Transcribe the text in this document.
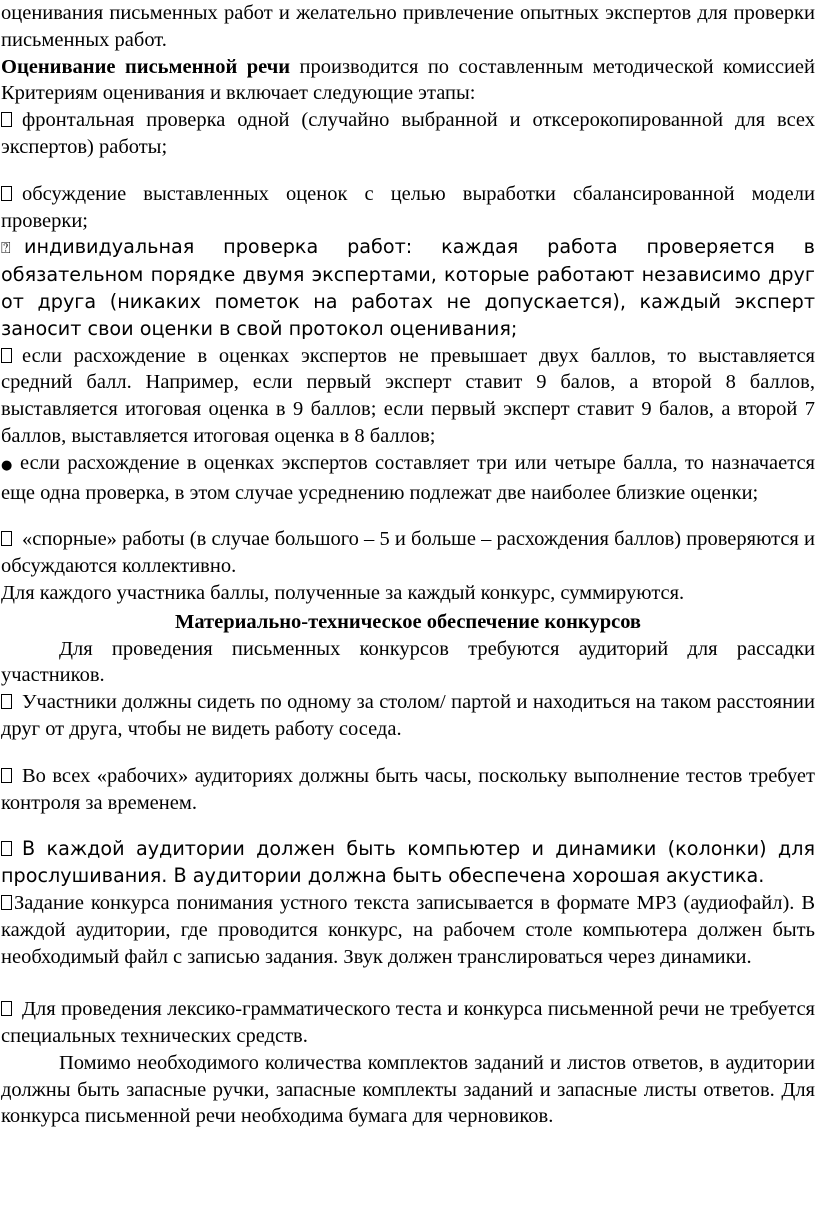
оценивания письменных работ и желательно привлечение опытных экспертов для проверки письменных работ.

Оценивание письменной речи производится по составленным методической комиссией Критериям оценивания и включает следующие этапы:

фронтальная проверка одной (случайно выбранной и отксерокопированной для всех экспертов) работы;

обсуждение выставленных оценок с целью выработки сбалансированной модели проверки;

⍰ индивидуальная проверка работ: каждая работа проверяется в обязательном порядке двумя экспертами, которые работают независимо друг от друга (никаких пометок на работах не допускается), каждый эксперт заносит свои оценки в свой протокол оценивания;

если расхождение в оценках экспертов не превышает двух баллов, то выставляется средний балл. Например, если первый эксперт ставит 9 балов, а второй 8 баллов, выставляется итоговая оценка в 9 баллов; если первый эксперт ставит 9 балов, а второй 7 баллов, выставляется итоговая оценка в 8 баллов;

● если расхождение в оценках экспертов составляет три или четыре балла, то назначается еще одна проверка, в этом случае усреднению подлежат две наиболее близкие оценки;

«спорные» работы (в случае большого – 5 и больше – расхождения баллов) проверяются и обсуждаются коллективно.

Для каждого участника баллы, полученные за каждый конкурс, суммируются.

Материально-техническое обеспечение конкурсов

Для проведения письменных конкурсов требуются аудиторий для рассадки участников.

Участники должны сидеть по одному за столом/ партой и находиться на таком расстоянии друг от друга, чтобы не видеть работу соседа.

Во всех «рабочих» аудиториях должны быть часы, поскольку выполнение тестов требует контроля за временем.

В каждой аудитории должен быть компьютер и динамики (колонки) для прослушивания. В аудитории должна быть обеспечена хорошая акустика.

Задание конкурса понимания устного текста записывается в формате МР3 (аудиофайл). В каждой аудитории, где проводится конкурс, на рабочем столе компьютера должен быть необходимый файл с записью задания. Звук должен транслироваться через динамики.

Для проведения лексико-грамматического теста и конкурса письменной речи не требуется специальных технических средств.

Помимо необходимого количества комплектов заданий и листов ответов, в аудитории должны быть запасные ручки, запасные комплекты заданий и запасные листы ответов. Для конкурса письменной речи необходима бумага для черновиков.
